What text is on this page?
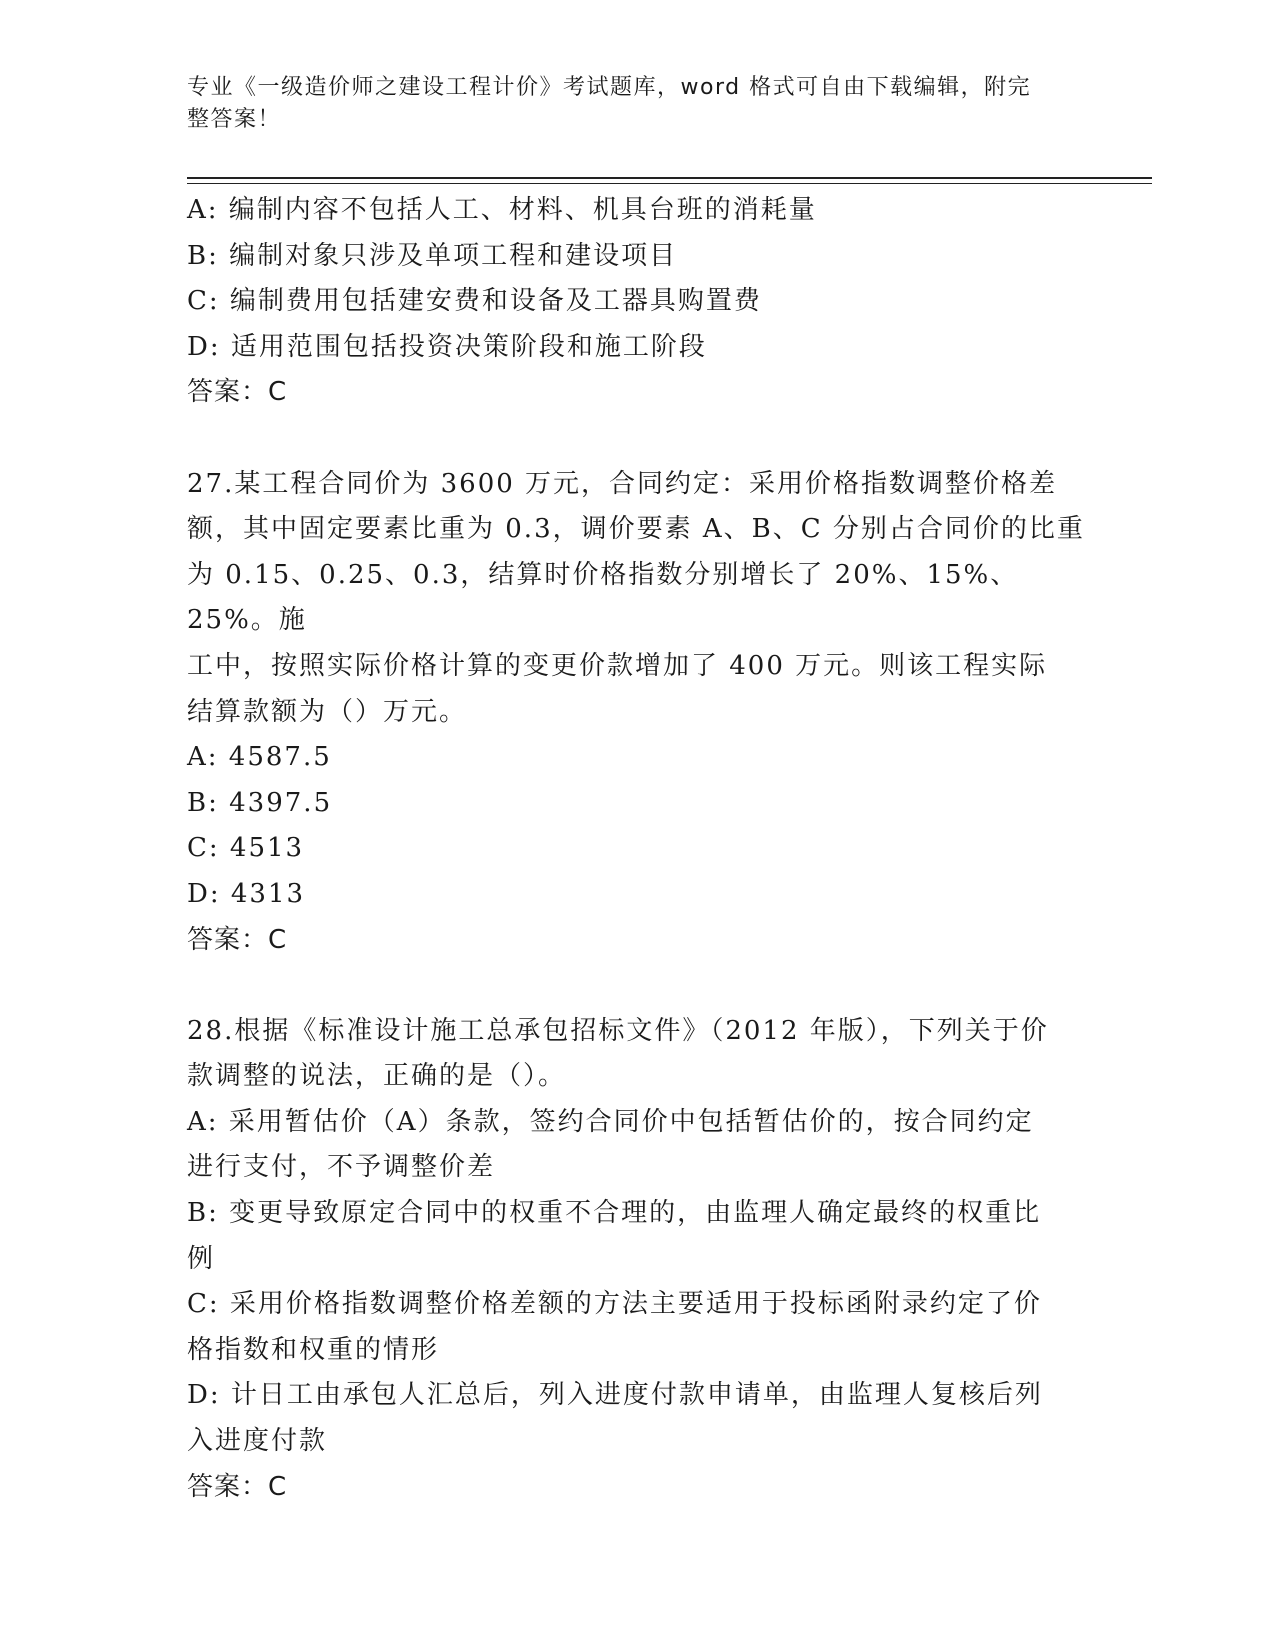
专业《一级造价师之建设工程计价》考试题库，word 格式可自由下载编辑，附完
整答案！
A: 编制内容不包括人工、材料、机具台班的消耗量
B: 编制对象只涉及单项工程和建设项目
C: 编制费用包括建安费和设备及工器具购置费
D: 适用范围包括投资决策阶段和施工阶段
答案：C
27.某工程合同价为 3600 万元，合同约定：采用价格指数调整价格差
额，其中固定要素比重为 0.3，调价要素 A、B、C 分别占合同价的比重
为 0.15、0.25、0.3，结算时价格指数分别增长了 20%、15%、25%。施
工中，按照实际价格计算的变更价款增加了 400 万元。则该工程实际
结算款额为（）万元。
A: 4587.5
B: 4397.5
C: 4513
D: 4313
答案：C
28.根据《标准设计施工总承包招标文件》（2012 年版），下列关于价
款调整的说法，正确的是（）。
A: 采用暂估价（A）条款，签约合同价中包括暂估价的，按合同约定
进行支付，不予调整价差
B: 变更导致原定合同中的权重不合理的，由监理人确定最终的权重比
例
C: 采用价格指数调整价格差额的方法主要适用于投标函附录约定了价
格指数和权重的情形
D: 计日工由承包人汇总后，列入进度付款申请单，由监理人复核后列
入进度付款
答案：C
